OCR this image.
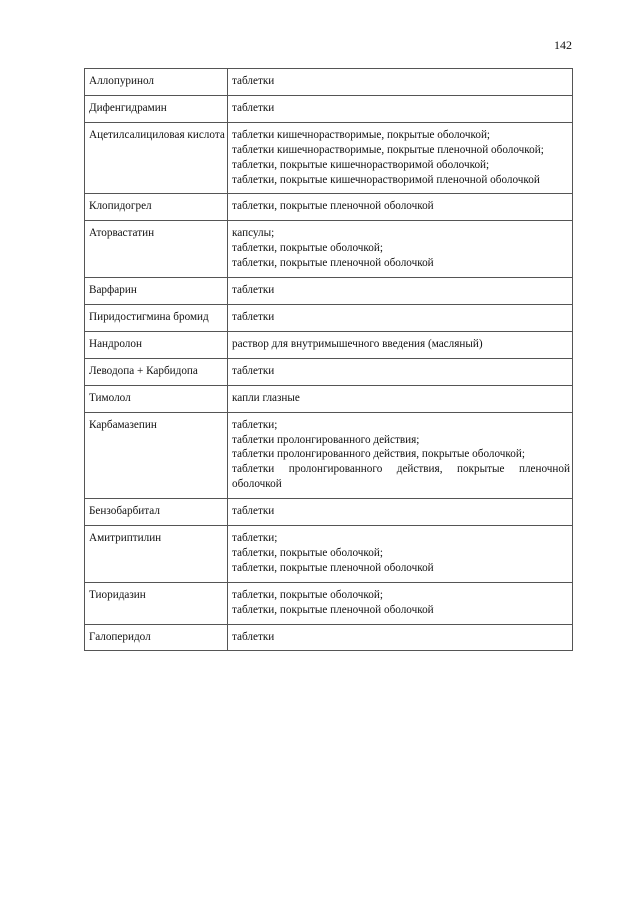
142
Аллопуринол	таблетки

Дифенгидрамин	таблетки

Ацетилсалициловая кислота	таблетки кишечнорастворимые, покрытые оболочкой;
таблетки кишечнорастворимые, покрытые пленочной оболочкой;
таблетки, покрытые кишечнорастворимой оболочкой;
таблетки, покрытые кишечнорастворимой пленочной оболочкой

Клопидогрел	таблетки, покрытые пленочной оболочкой

Аторвастатин	капсулы;
таблетки, покрытые оболочкой;
таблетки, покрытые пленочной оболочкой

Варфарин	таблетки

Пиридостигмина бромид	таблетки

Нандролон	раствор для внутримышечного введения (масляный)

Леводопа + Карбидопа	таблетки

Тимолол	капли глазные

Карбамазепин	таблетки;
таблетки пролонгированного действия;
таблетки пролонгированного действия, покрытые оболочкой;
таблетки пролонгированного действия, покрытые пленочной оболочкой

Бензобарбитал	таблетки

Амитриптилин	таблетки;
таблетки, покрытые оболочкой;
таблетки, покрытые пленочной оболочкой

Тиоридазин	таблетки, покрытые оболочкой;
таблетки, покрытые пленочной оболочкой

Галоперидол	таблетки
